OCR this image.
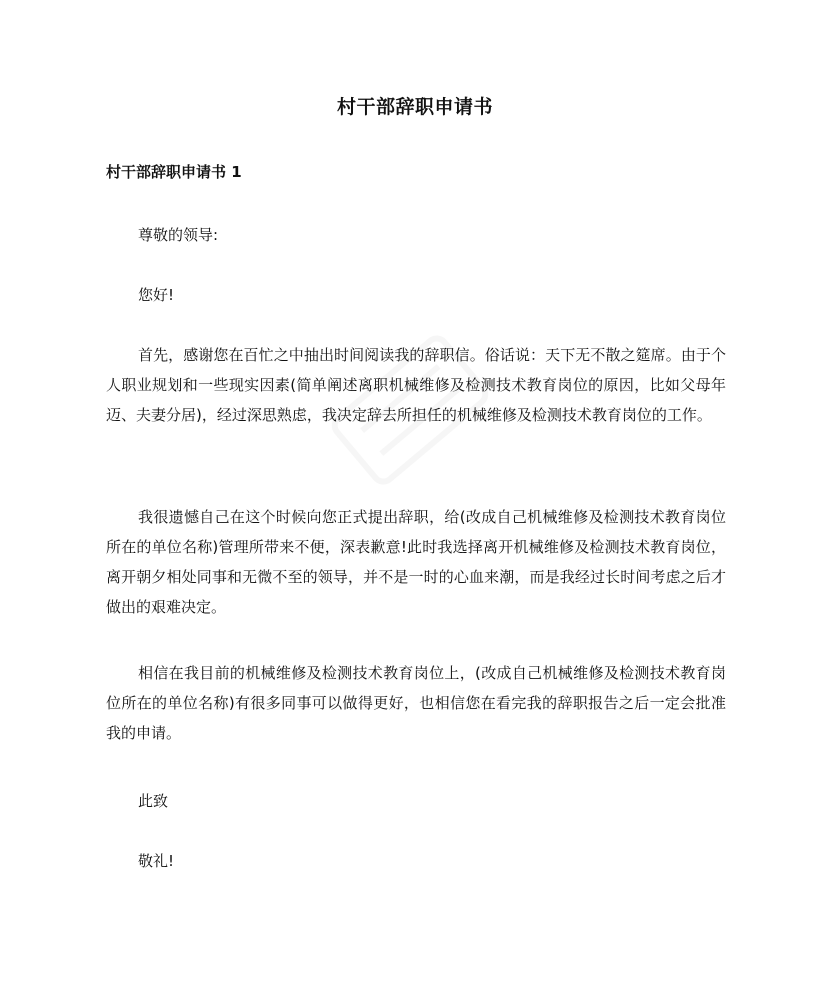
村干部辞职申请书
村干部辞职申请书 1
尊敬的领导:
您好!
首先，感谢您在百忙之中抽出时间阅读我的辞职信。俗话说：天下无不散之筵席。由于个人职业规划和一些现实因素(简单阐述离职机械维修及检测技术教育岗位的原因，比如父母年迈、夫妻分居)，经过深思熟虑，我决定辞去所担任的机械维修及检测技术教育岗位的工作。
我很遗憾自己在这个时候向您正式提出辞职，给(改成自己机械维修及检测技术教育岗位所在的单位名称)管理所带来不便，深表歉意!此时我选择离开机械维修及检测技术教育岗位，离开朝夕相处同事和无微不至的领导，并不是一时的心血来潮，而是我经过长时间考虑之后才做出的艰难决定。
相信在我目前的机械维修及检测技术教育岗位上，(改成自己机械维修及检测技术教育岗位所在的单位名称)有很多同事可以做得更好，也相信您在看完我的辞职报告之后一定会批准我的申请。
此致
敬礼!
